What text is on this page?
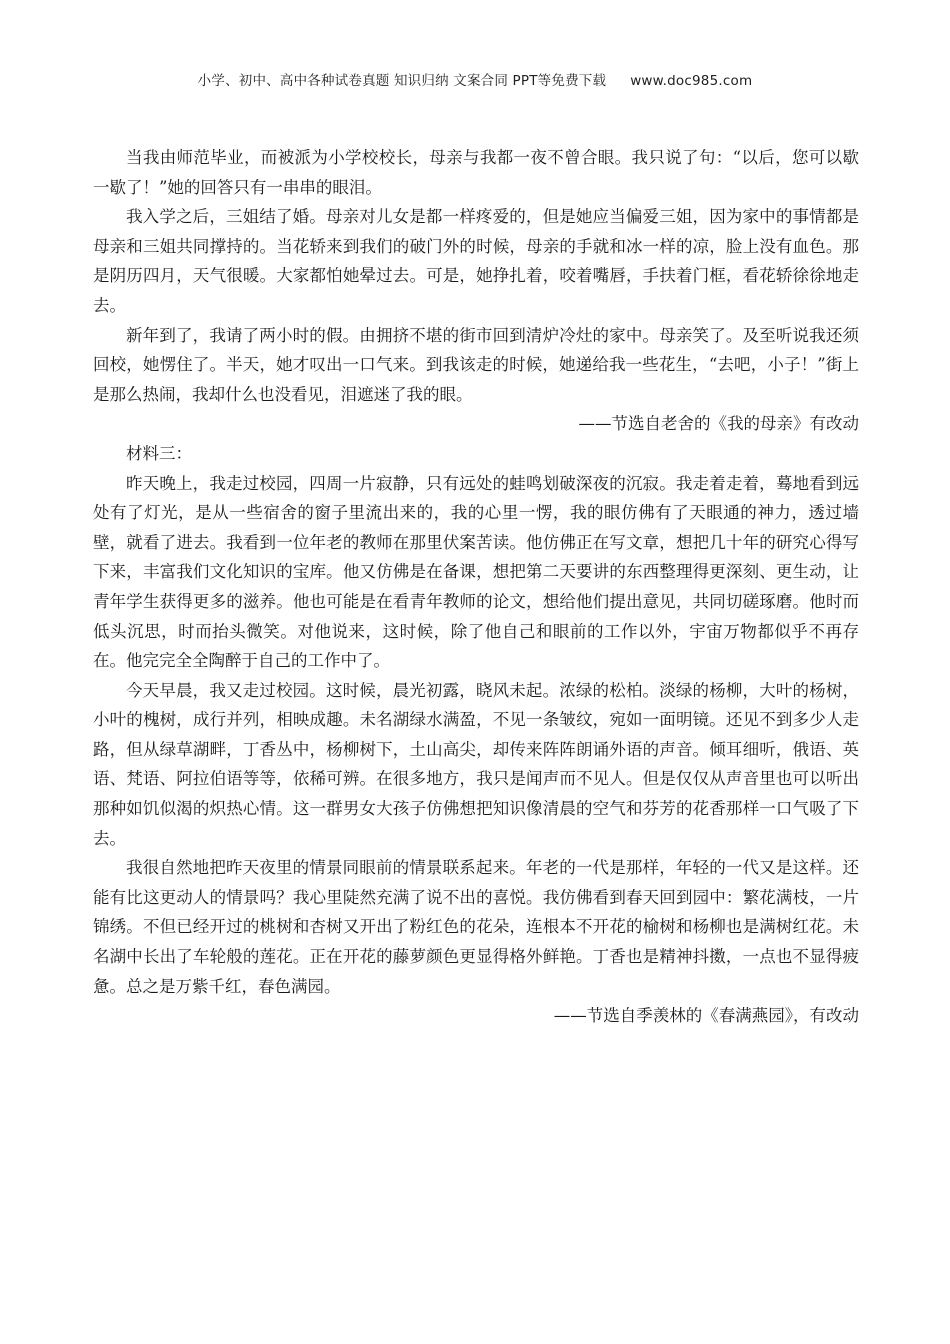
小学、初中、高中各种试卷真题 知识归纳 文案合同 PPT等免费下载 www.doc985.com

当我由师范毕业，而被派为小学校校长，母亲与我都一夜不曾合眼。我只说了句：“以后，您可以歇一歇了！”她的回答只有一串串的眼泪。

我入学之后，三姐结了婚。母亲对儿女是都一样疼爱的，但是她应当偏爱三姐，因为家中的事情都是母亲和三姐共同撑持的。当花轿来到我们的破门外的时候，母亲的手就和冰一样的凉，脸上没有血色。那是阴历四月，天气很暖。大家都怕她晕过去。可是，她挣扎着，咬着嘴唇，手扶着门框，看花轿徐徐地走去。

新年到了，我请了两小时的假。由拥挤不堪的街市回到清炉冷灶的家中。母亲笑了。及至听说我还须回校，她愣住了。半天，她才叹出一口气来。到我该走的时候，她递给我一些花生，“去吧，小子！”街上是那么热闹，我却什么也没看见，泪遮迷了我的眼。

——节选自老舍的《我的母亲》有改动

材料三：

昨天晚上，我走过校园，四周一片寂静，只有远处的蛙鸣划破深夜的沉寂。我走着走着，蓦地看到远处有了灯光，是从一些宿舍的窗子里流出来的，我的心里一愣，我的眼仿佛有了天眼通的神力，透过墙壁，就看了进去。我看到一位年老的教师在那里伏案苦读。他仿佛正在写文章，想把几十年的研究心得写下来，丰富我们文化知识的宝库。他又仿佛是在备课，想把第二天要讲的东西整理得更深刻、更生动，让青年学生获得更多的滋养。他也可能是在看青年教师的论文，想给他们提出意见，共同切磋琢磨。他时而低头沉思，时而抬头微笑。对他说来，这时候，除了他自己和眼前的工作以外，宇宙万物都似乎不再存在。他完完全全陶醉于自己的工作中了。

今天早晨，我又走过校园。这时候，晨光初露，晓风未起。浓绿的松柏。淡绿的杨柳，大叶的杨树，小叶的槐树，成行并列，相映成趣。未名湖绿水满盈，不见一条皱纹，宛如一面明镜。还见不到多少人走路，但从绿草湖畔，丁香丛中，杨柳树下，土山高尖，却传来阵阵朗诵外语的声音。倾耳细听，俄语、英语、梵语、阿拉伯语等等，依稀可辨。在很多地方，我只是闻声而不见人。但是仅仅从声音里也可以听出那种如饥似渴的炽热心情。这一群男女大孩子仿佛想把知识像清晨的空气和芬芳的花香那样一口气吸了下去。

我很自然地把昨天夜里的情景同眼前的情景联系起来。年老的一代是那样，年轻的一代又是这样。还能有比这更动人的情景吗？我心里陡然充满了说不出的喜悦。我仿佛看到春天回到园中：繁花满枝，一片锦绣。不但已经开过的桃树和杏树又开出了粉红色的花朵，连根本不开花的榆树和杨柳也是满树红花。未名湖中长出了车轮般的莲花。正在开花的藤萝颜色更显得格外鲜艳。丁香也是精神抖擞，一点也不显得疲惫。总之是万紫千红，春色满园。

——节选自季羡林的《春满燕园》，有改动
